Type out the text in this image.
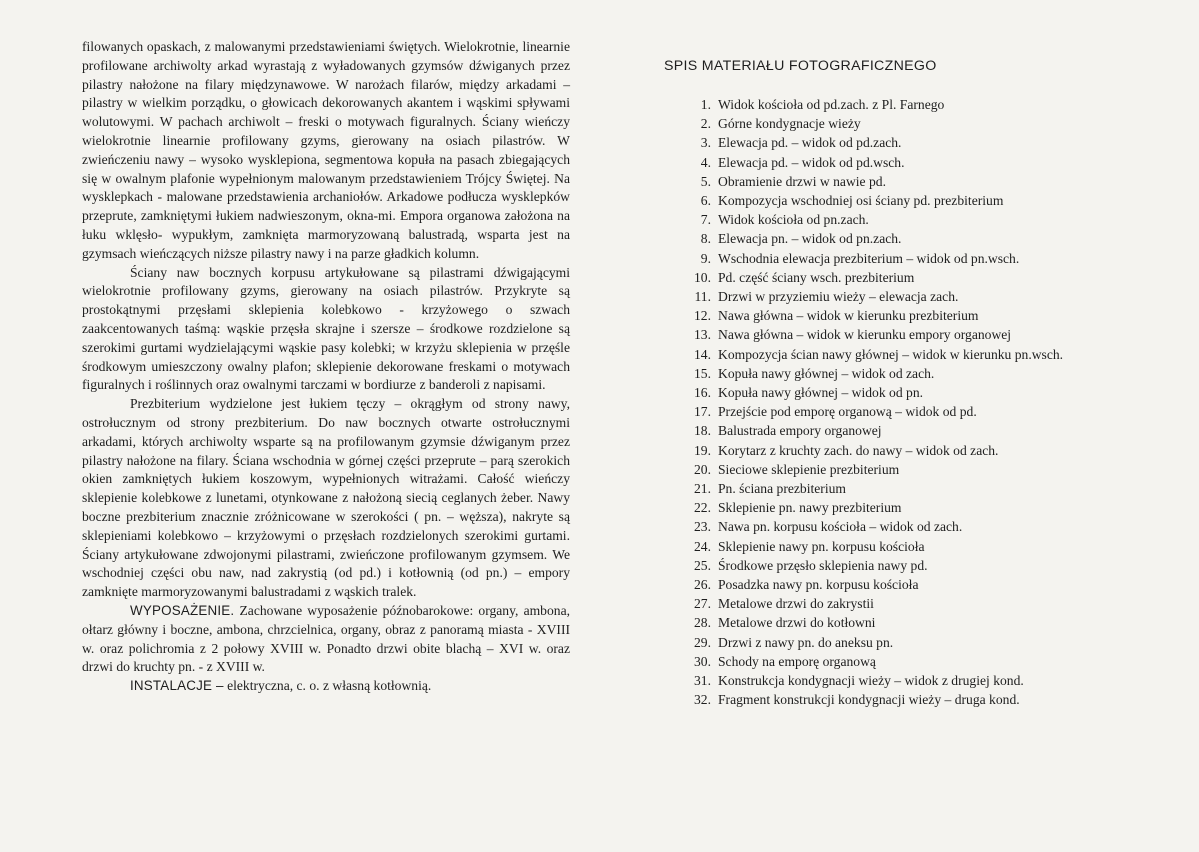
filowanych opaskach, z malowanymi przedstawieniami świętych. Wielokrotnie, linearnie profilowane archiwolty arkad wyrastają z wyładowanych gzymsów dźwiganych przez pilastry nałożone na filary międzynawowe. W narożach filarów, między arkadami – pilastry w wielkim porządku, o głowicach dekorowanych akantem i wąskimi spływami wolutowymi. W pachach archiwolt – freski o motywach figuralnych. Ściany wieńczy wielokrotnie linearnie profilowany gzyms, gierowany na osiach pilastrów. W zwieńczeniu nawy – wysoko wysklepiona, segmentowa kopuła na pasach zbiegających się w owalnym plafonie wypełnionym malowanym przedstawieniem Trójcy Świętej. Na wysklepkach - malowane przedstawienia archaniołów. Arkadowe podłucza wysklepków przeprute, zamkniętymi łukiem nadwieszonym, okna-mi. Empora organowa założona na łuku wklęsło- wypukłym, zamknięta marmoryzowaną balustradą, wsparta jest na gzymsach wieńczących niższe pilastry nawy i na parze gładkich kolumn.

Ściany naw bocznych korpusu artykułowane są pilastrami dźwigającymi wielokrotnie profilowany gzyms, gierowany na osiach pilastrów. Przykryte są prostokątnymi przęsłami sklepienia kolebkowo - krzyżowego o szwach zaakcentowanych taśmą: wąskie przęsła skrajne i szersze – środkowe rozdzielone są szerokimi gurtami wydzielającymi wąskie pasy kolebki; w krzyżu sklepienia w przęśle środkowym umieszczony owalny plafon; sklepienie dekorowane freskami o motywach figuralnych i roślinnych oraz owalnymi tarczami w bordiurze z banderoli z napisami.

Prezbiterium wydzielone jest łukiem tęczy – okrągłym od strony nawy, ostrołucznym od strony prezbiterium. Do naw bocznych otwarte ostrołucznymi arkadami, których archiwolty wsparte są na profilowanym gzymsie dźwiganym przez pilastry nałożone na filary. Ściana wschodnia w górnej części przeprute – parą szerokich okien zamkniętych łukiem koszowym, wypełnionych witrażami. Całość wieńczy sklepienie kolebkowe z lunetami, otynkowane z nałożoną siecią ceglanych żeber. Nawy boczne prezbiterium znacznie zróżnicowane w szerokości ( pn. – węższa), nakryte są sklepieniami kolebkowo – krzyżowymi o przęsłach rozdzielonych szerokimi gurtami. Ściany artykułowane zdwojonymi pilastrami, zwieńczone profilowanym gzymsem. We wschodniej części obu naw, nad zakrystią (od pd.) i kotłownią (od pn.) – empory zamknięte marmoryzowanymi balustradami z wąskich tralek.

WYPOSAŻENIE. Zachowane wyposażenie późnobarokowe: organy, ambona, ołtarz główny i boczne, ambona, chrzcielnica, organy, obraz z panoramą miasta - XVIII w. oraz polichromia z 2 połowy XVIII w. Ponadto drzwi obite blachą – XVI w. oraz drzwi do kruchty pn. - z XVIII w.

INSTALACJE – elektryczna, c. o. z własną kotłownią.

SPIS MATERIAŁU FOTOGRAFICZNEGO
1. Widok kościoła od pd.zach. z Pl. Farnego
2. Górne kondygnacje wieży
3. Elewacja pd. – widok od pd.zach.
4. Elewacja pd. – widok od pd.wsch.
5. Obramienie drzwi w nawie pd.
6. Kompozycja wschodniej osi ściany pd. prezbiterium
7. Widok kościoła od pn.zach.
8. Elewacja pn. – widok od pn.zach.
9. Wschodnia elewacja prezbiterium – widok od pn.wsch.
10. Pd. część ściany wsch. prezbiterium
11. Drzwi w przyziemiu wieży – elewacja zach.
12. Nawa główna – widok w kierunku prezbiterium
13. Nawa główna – widok w kierunku empory organowej
14. Kompozycja ścian nawy głównej – widok w kierunku pn.wsch.
15. Kopuła nawy głównej – widok od zach.
16. Kopuła nawy głównej – widok od pn.
17. Przejście pod emporę organową – widok od pd.
18. Balustrada empory organowej
19. Korytarz z kruchty zach. do nawy – widok od zach.
20. Sieciowe sklepienie prezbiterium
21. Pn. ściana prezbiterium
22. Sklepienie pn. nawy prezbiterium
23. Nawa pn. korpusu kościoła – widok od zach.
24. Sklepienie nawy pn. korpusu kościoła
25. Środkowe przęsło sklepienia nawy pd.
26. Posadzka nawy pn. korpusu kościoła
27. Metalowe drzwi do zakrystii
28. Metalowe drzwi do kotłowni
29. Drzwi z nawy pn. do aneksu pn.
30. Schody na emporę organową
31. Konstrukcja kondygnacji wieży – widok z drugiej kond.
32. Fragment konstrukcji kondygnacji wieży – druga kond.
